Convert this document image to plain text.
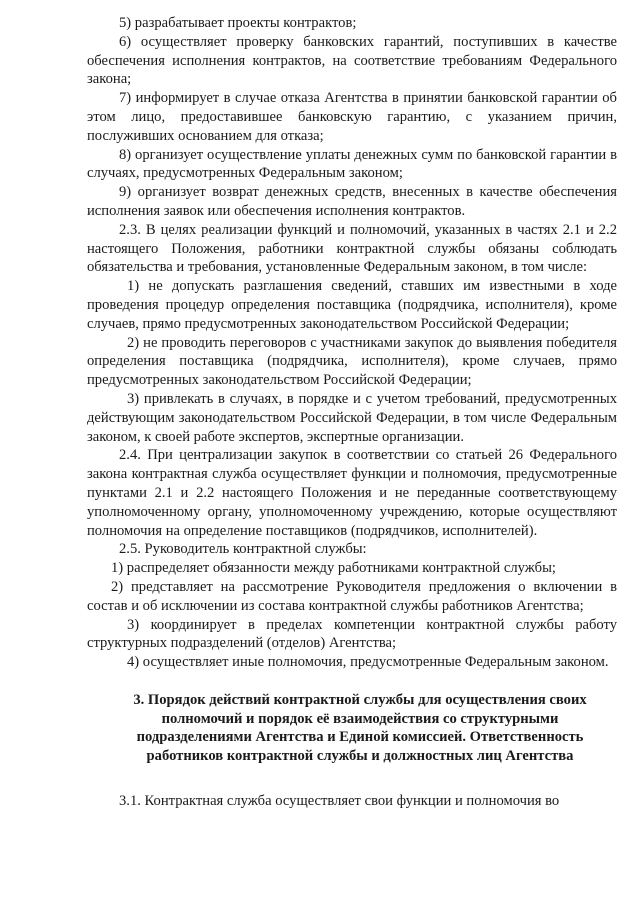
5) разрабатывает проекты контрактов;

6) осуществляет проверку банковских гарантий, поступивших в качестве обеспечения исполнения контрактов, на соответствие требованиям Федерального закона;

7) информирует в случае отказа Агентства в принятии банковской гарантии об этом лицо, предоставившее банковскую гарантию, с указанием причин, послуживших основанием для отказа;

8) организует осуществление уплаты денежных сумм по банковской гарантии в случаях, предусмотренных Федеральным законом;

9) организует возврат денежных средств, внесенных в качестве обеспечения исполнения заявок или обеспечения исполнения контрактов.

2.3. В целях реализации функций и полномочий, указанных в частях 2.1 и 2.2 настоящего Положения, работники контрактной службы обязаны соблюдать обязательства и требования, установленные Федеральным законом, в том числе:

1) не допускать разглашения сведений, ставших им известными в ходе проведения процедур определения поставщика (подрядчика, исполнителя), кроме случаев, прямо предусмотренных законодательством Российской Федерации;

2) не проводить переговоров с участниками закупок до выявления победителя определения поставщика (подрядчика, исполнителя), кроме случаев, прямо предусмотренных законодательством Российской Федерации;

3) привлекать в случаях, в порядке и с учетом требований, предусмотренных действующим законодательством Российской Федерации, в том числе Федеральным законом, к своей работе экспертов, экспертные организации.

2.4. При централизации закупок в соответствии со статьей 26 Федерального закона контрактная служба осуществляет функции и полномочия, предусмотренные пунктами 2.1 и 2.2 настоящего Положения и не переданные соответствующему уполномоченному органу, уполномоченному учреждению, которые осуществляют полномочия на определение поставщиков (подрядчиков, исполнителей).

2.5. Руководитель контрактной службы:

1) распределяет обязанности между работниками контрактной службы;

2) представляет на рассмотрение Руководителя предложения о включении в состав и об исключении из состава контрактной службы работников Агентства;

3) координирует в пределах компетенции контрактной службы работу структурных подразделений (отделов) Агентства;

4) осуществляет иные полномочия, предусмотренные Федеральным законом.

3. Порядок действий контрактной службы для осуществления своих полномочий и порядок её взаимодействия со структурными подразделениями Агентства и Единой комиссией. Ответственность работников контрактной службы и должностных лиц Агентства

3.1. Контрактная служба осуществляет свои функции и полномочия во
